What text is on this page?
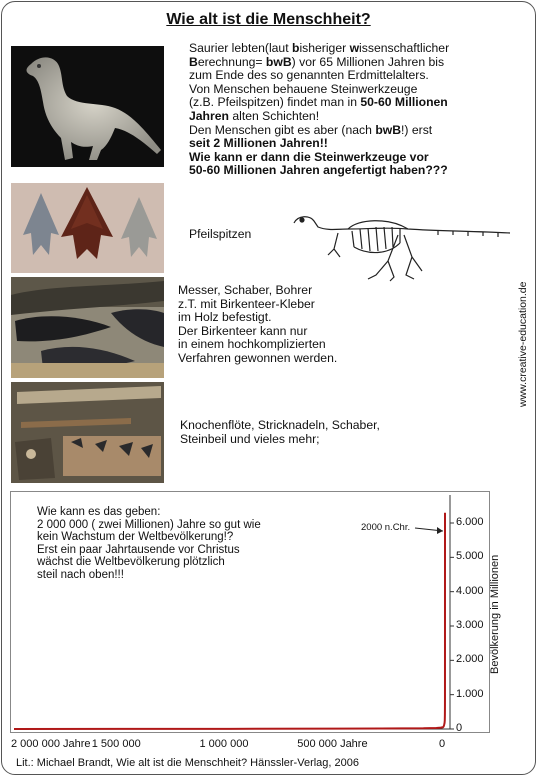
Wie alt ist die Menschheit?
Saurier lebten(laut bisheriger wissenschaftlicher
Berechnung= bwB) vor 65 Millionen Jahren bis
zum Ende des so genannten Erdmittelalters.
Von Menschen behauene Steinwerkzeuge
(z.B. Pfeilspitzen) findet man in 50-60 Millionen
Jahren alten Schichten!
Den Menschen gibt es aber (nach bwB!) erst
seit 2 Millionen Jahren!!
Wie kann er dann die Steinwerkzeuge vor
50-60 Millionen Jahren angefertigt haben???
Pfeilspitzen
Messer, Schaber, Bohrer
z.T. mit Birkenteer-Kleber
im Holz befestigt.
Der Birkenteer kann nur
in einem hochkomplizierten
Verfahren gewonnen werden.
Knochenflöte, Stricknadeln, Schaber,
Steinbeil und vieles mehr;
www.creative-education.de
Wie kann es das geben:
2 000 000 ( zwei Millionen) Jahre so gut wie
kein Wachstum der Weltbevölkerung!?
Erst ein paar Jahrtausende vor Christus
wächst die Weltbevölkerung plötzlich
steil nach oben!!!
2000 n.Chr.
Bevölkerung in Millionen
0
1.000
2.000
3.000
4.000
5.000
6.000
2 000 000 Jahre 1 500 000	1 000 000	500 000 Jahre	0
Lit.: Michael Brandt, Wie alt ist die Menschheit? Hänssler-Verlag, 2006
